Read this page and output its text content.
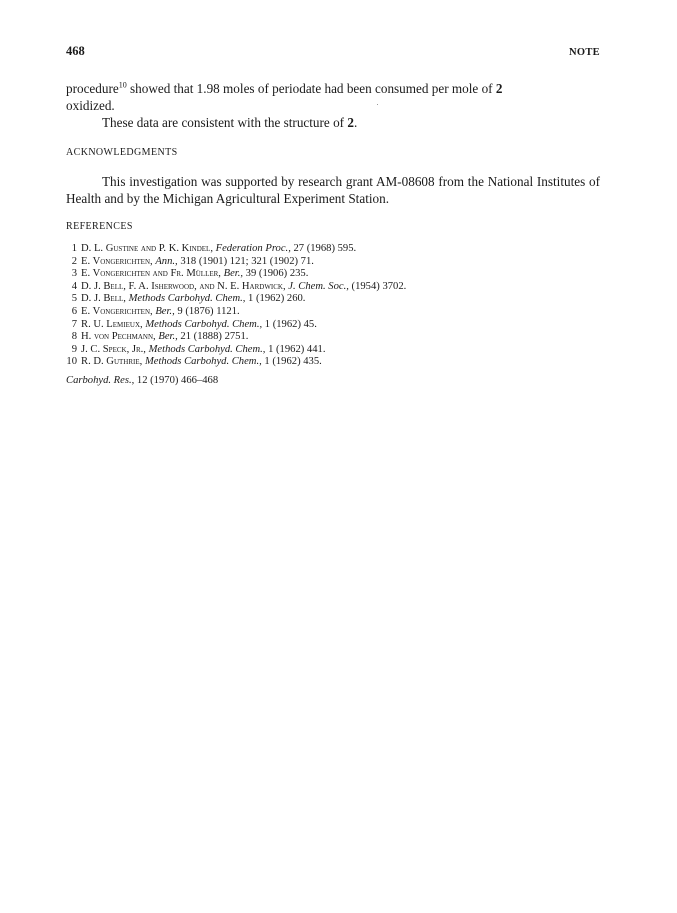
468	NOTE

procedure$^{10}$ showed that 1.98 moles of periodate had been consumed per mole of 2
oxidized.

These data are consistent with the structure of 2.

ACKNOWLEDGMENTS

This investigation was supported by research grant AM-08608 from the National Institutes of Health and by the Michigan Agricultural Experiment Station.

REFERENCES

1 D. L. Gustine and P. K. Kindel, Federation Proc., 27 (1968) 595.
2 E. Vongerichten, Ann., 318 (1901) 121; 321 (1902) 71.
3 E. Vongerichten and Fr. Müller, Ber., 39 (1906) 235.
4 D. J. Bell, F. A. Isherwood, and N. E. Hardwick, J. Chem. Soc., (1954) 3702.
5 D. J. Bell, Methods Carbohyd. Chem., 1 (1962) 260.
6 E. Vongerichten, Ber., 9 (1876) 1121.
7 R. U. Lemieux, Methods Carbohyd. Chem., 1 (1962) 45.
8 H. von Pechmann, Ber., 21 (1888) 2751.
9 J. C. Speck, Jr., Methods Carbohyd. Chem., 1 (1962) 441.
10 R. D. Guthrie, Methods Carbohyd. Chem., 1 (1962) 435.
Carbohyd. Res., 12 (1970) 466–468
